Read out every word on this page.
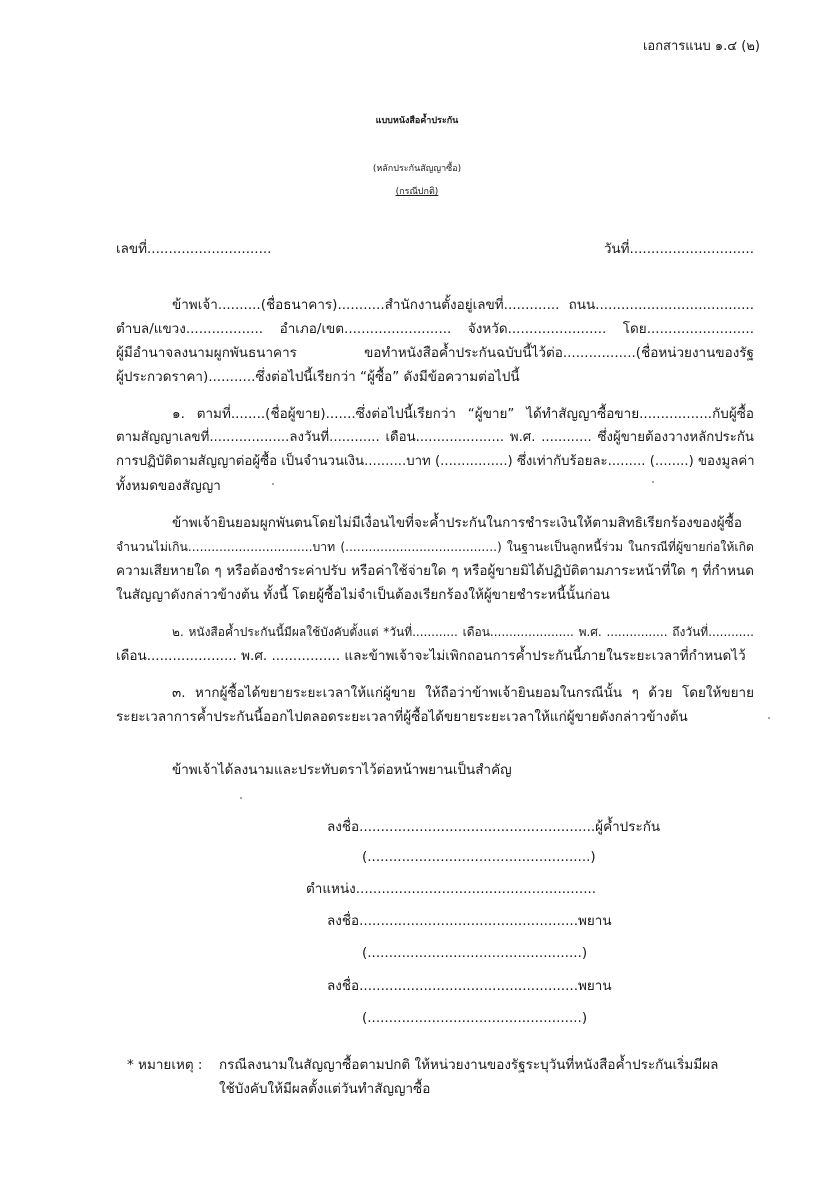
เอกสารแนบ ๑.๔ (๒)
แบบหนังสือค้ำประกัน
(หลักประกันสัญญาซื้อ)
(กรณีปกติ)
เลขที่.............................	วันที่.............................
ข้าพเจ้า..........(ชื่อธนาคาร)...........สำนักงานตั้งอยู่เลขที่............. ถนน.....................................
ตำบล/แขวง.................. อำเภอ/เขต......................... จังหวัด....................... โดย.........................
ผู้มีอำนาจลงนามผูกพันธนาคาร ขอทำหนังสือค้ำประกันฉบับนี้ไว้ต่อ.................(ชื่อหน่วยงานของรัฐ
ผู้ประกวดราคา)...........ซึ่งต่อไปนี้เรียกว่า “ผู้ซื้อ” ดังมีข้อความต่อไปนี้
๑. ตามที่........(ชื่อผู้ขาย).......ซึ่งต่อไปนี้เรียกว่า “ผู้ขาย” ได้ทำสัญญาซื้อขาย.................กับผู้ซื้อ
ตามสัญญาเลขที่...................ลงวันที่............ เดือน..................... พ.ศ. ............ ซึ่งผู้ขายต้องวางหลักประกัน
การปฏิบัติตามสัญญาต่อผู้ซื้อ เป็นจำนวนเงิน..........บาท (................) ซึ่งเท่ากับร้อยละ......... (........) ของมูลค่า
ทั้งหมดของสัญญา
ข้าพเจ้ายินยอมผูกพันตนโดยไม่มีเงื่อนไขที่จะค้ำประกันในการชำระเงินให้ตามสิทธิเรียกร้องของผู้ซื้อ
จำนวนไม่เกิน................................บาท (.......................................) ในฐานะเป็นลูกหนี้ร่วม ในกรณีที่ผู้ขายก่อให้เกิด
ความเสียหายใด ๆ หรือต้องชำระค่าปรับ หรือค่าใช้จ่ายใด ๆ หรือผู้ขายมิได้ปฏิบัติตามภาระหน้าที่ใด ๆ ที่กำหนด
ในสัญญาดังกล่าวข้างต้น ทั้งนี้ โดยผู้ซื้อไม่จำเป็นต้องเรียกร้องให้ผู้ขายชำระหนี้นั้นก่อน
๒. หนังสือค้ำประกันนี้มีผลใช้บังคับตั้งแต่ *วันที่............ เดือน...................... พ.ศ. ................ ถึงวันที่............
เดือน..................... พ.ศ. ................ และข้าพเจ้าจะไม่เพิกถอนการค้ำประกันนี้ภายในระยะเวลาที่กำหนดไว้
๓. หากผู้ซื้อได้ขยายระยะเวลาให้แก่ผู้ขาย ให้ถือว่าข้าพเจ้ายินยอมในกรณีนั้น ๆ ด้วย โดยให้ขยาย
ระยะเวลาการค้ำประกันนี้ออกไปตลอดระยะเวลาที่ผู้ซื้อได้ขยายระยะเวลาให้แก่ผู้ขายดังกล่าวข้างต้น
ข้าพเจ้าได้ลงนามและประทับตราไว้ต่อหน้าพยานเป็นสำคัญ
ลงชื่อ.......................................................ผู้ค้ำประกัน
(....................................................)
ตำแหน่ง........................................................
ลงชื่อ...................................................พยาน
(..................................................)
ลงชื่อ...................................................พยาน
(..................................................)
* หมายเหตุ : กรณีลงนามในสัญญาซื้อตามปกติ ให้หน่วยงานของรัฐระบุวันที่หนังสือค้ำประกันเริ่มมีผล
ใช้บังคับให้มีผลตั้งแต่วันทำสัญญาซื้อ
